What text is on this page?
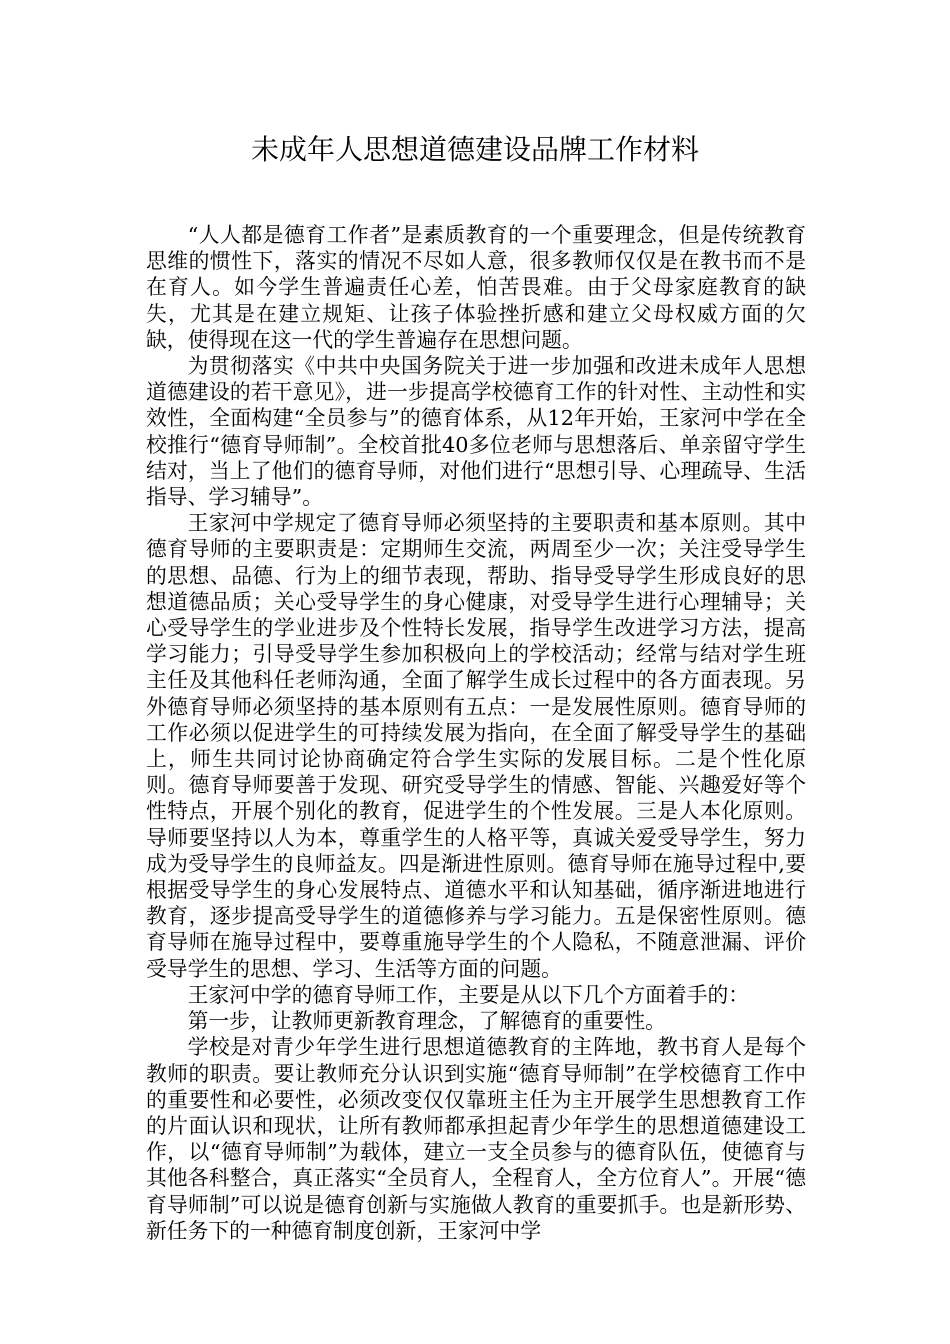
未成年人思想道德建设品牌工作材料

“人人都是德育工作者”是素质教育的一个重要理念，但是传统教育思维的惯性下，落实的情况不尽如人意，很多教师仅仅是在教书而不是在育人。如今学生普遍责任心差，怕苦畏难。由于父母家庭教育的缺失，尤其是在建立规矩、让孩子体验挫折感和建立父母权威方面的欠缺，使得现在这一代的学生普遍存在思想问题。

为贯彻落实《中共中央国务院关于进一步加强和改进未成年人思想道德建设的若干意见》，进一步提高学校德育工作的针对性、主动性和实效性，全面构建“全员参与”的德育体系，从12年开始，王家河中学在全校推行“德育导师制”。全校首批40多位老师与思想落后、单亲留守学生结对，当上了他们的德育导师，对他们进行“思想引导、心理疏导、生活指导、学习辅导”。

王家河中学规定了德育导师必须坚持的主要职责和基本原则。其中德育导师的主要职责是：定期师生交流，两周至少一次；关注受导学生的思想、品德、行为上的细节表现，帮助、指导受导学生形成良好的思想道德品质；关心受导学生的身心健康，对受导学生进行心理辅导；关心受导学生的学业进步及个性特长发展，指导学生改进学习方法，提高学习能力；引导受导学生参加积极向上的学校活动；经常与结对学生班主任及其他科任老师沟通，全面了解学生成长过程中的各方面表现。另外德育导师必须坚持的基本原则有五点：一是发展性原则。德育导师的工作必须以促进学生的可持续发展为指向，在全面了解受导学生的基础上，师生共同讨论协商确定符合学生实际的发展目标。二是个性化原则。德育导师要善于发现、研究受导学生的情感、智能、兴趣爱好等个性特点，开展个别化的教育，促进学生的个性发展。三是人本化原则。导师要坚持以人为本，尊重学生的人格平等，真诚关爱受导学生，努力成为受导学生的良师益友。四是渐进性原则。德育导师在施导过程中,要根据受导学生的身心发展特点、道德水平和认知基础，循序渐进地进行教育，逐步提高受导学生的道德修养与学习能力。五是保密性原则。德育导师在施导过程中，要尊重施导学生的个人隐私，不随意泄漏、评价受导学生的思想、学习、生活等方面的问题。

王家河中学的德育导师工作，主要是从以下几个方面着手的：

第一步，让教师更新教育理念，了解德育的重要性。

学校是对青少年学生进行思想道德教育的主阵地，教书育人是每个教师的职责。要让教师充分认识到实施“德育导师制”在学校德育工作中的重要性和必要性，必须改变仅仅靠班主任为主开展学生思想教育工作的片面认识和现状，让所有教师都承担起青少年学生的思想道德建设工作，以“德育导师制”为载体，建立一支全员参与的德育队伍，使德育与其他各科整合，真正落实“全员育人，全程育人，全方位育人”。开展“德育导师制”可以说是德育创新与实施做人教育的重要抓手。也是新形势、新任务下的一种德育制度创新，王家河中学
